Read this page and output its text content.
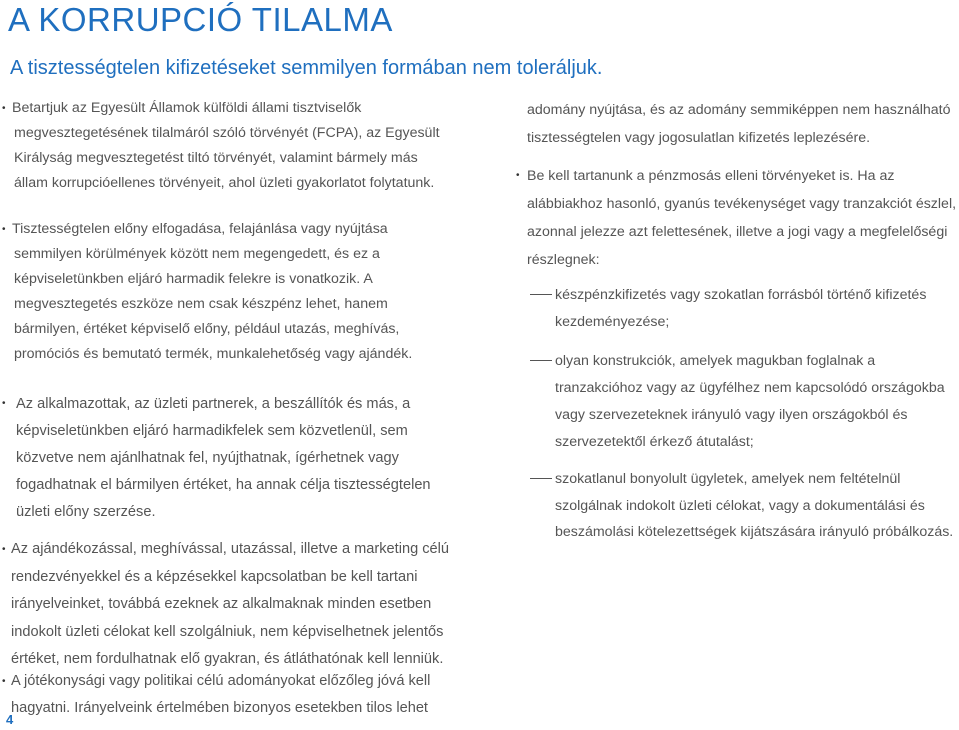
A KORRUPCIÓ TILALMA
A tisztességtelen kifizetéseket semmilyen formában nem toleráljuk.
• Betartjuk az Egyesült Államok külföldi állami tisztviselők
megvesztegetésének tilalmáról szóló törvényét (FCPA), az Egyesült
Királyság megvesztegetést tiltó törvényét, valamint bármely más
állam korrupcióellenes törvényeit, ahol üzleti gyakorlatot folytatunk.
• Tisztességtelen előny elfogadása, felajánlása vagy nyújtása
semmilyen körülmények között nem megengedett, és ez a
képviseletünkben eljáró harmadik felekre is vonatkozik. A
megvesztegetés eszköze nem csak készpénz lehet, hanem
bármilyen, értéket képviselő előny, például utazás, meghívás,
promóciós és bemutató termék, munkalehetőség vagy ajándék.
• Az alkalmazottak, az üzleti partnerek, a beszállítók és más, a
képviseletünkben eljáró harmadikfelek sem közvetlenül, sem
közvetve nem ajánlhatnak fel, nyújthatnak, ígérhetnek vagy
fogadhatnak el bármilyen értéket, ha annak célja tisztességtelen
üzleti előny szerzése.
• Az ajándékozással, meghívással, utazással, illetve a marketing célú
rendezvényekkel és a képzésekkel kapcsolatban be kell tartani
irányelveinket, továbbá ezeknek az alkalmaknak minden esetben
indokolt üzleti célokat kell szolgálniuk, nem képviselhetnek jelentős
értéket, nem fordulhatnak elő gyakran, és átláthatónak kell lenniük.
• A jótékonysági vagy politikai célú adományokat előzőleg jóvá kell
hagyatni. Irányelveink értelmében bizonyos esetekben tilos lehet
adomány nyújtása, és az adomány semmiképpen nem használható
tisztességtelen vagy jogosulatlan kifizetés leplezésére.
• Be kell tartanunk a pénzmosás elleni törvényeket is. Ha az
alábbiakhoz hasonló, gyanús tevékenységet vagy tranzakciót észlel,
azonnal jelezze azt felettesének, illetve a jogi vagy a megfelelőségi
részlegnek:
készpénzkifizetés vagy szokatlan forrásból történő kifizetés kezdeményezése;
olyan konstrukciók, amelyek magukban foglalnak a tranzakcióhoz vagy az ügyfélhez nem kapcsolódó országokba vagy szervezeteknek irányuló vagy ilyen országokból és szervezetektől érkező átutalást;
szokatlanul bonyolult ügyletek, amelyek nem feltételnül szolgálnak indokolt üzleti célokat, vagy a dokumentálási és beszámolási kötelezettségek kijátszására irányuló próbálkozás.
4
